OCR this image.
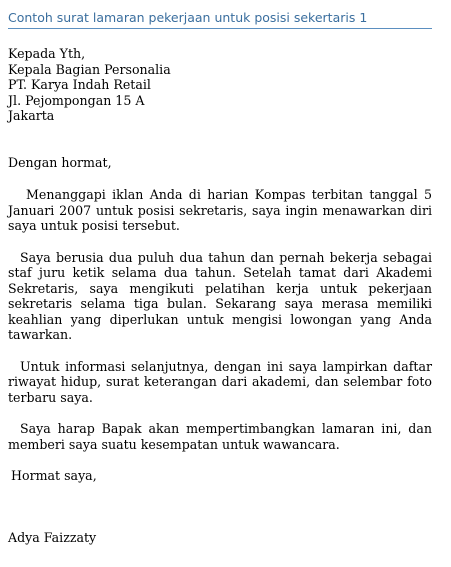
Contoh surat lamaran pekerjaan untuk posisi sekertaris 1
Kepada Yth,
Kepala Bagian Personalia
PT. Karya Indah Retail
Jl. Pejompongan 15 A
Jakarta
Dengan hormat,

Menanggapi iklan Anda di harian Kompas terbitan tanggal 5 Januari 2007 untuk posisi sekretaris, saya ingin menawarkan diri saya untuk posisi tersebut.

Saya berusia dua puluh dua tahun dan pernah bekerja sebagai staf juru ketik selama dua tahun. Setelah tamat dari Akademi Sekretaris, saya mengikuti pelatihan kerja untuk pekerjaan sekretaris selama tiga bulan. Sekarang saya merasa memiliki keahlian yang diperlukan untuk mengisi lowongan yang Anda tawarkan.

Untuk informasi selanjutnya, dengan ini saya lampirkan daftar riwayat hidup, surat keterangan dari akademi, dan selembar foto terbaru saya.

Saya harap Bapak akan mempertimbangkan lamaran ini, dan memberi saya suatu kesempatan untuk wawancara.

Hormat saya,
Adya Faizzaty
